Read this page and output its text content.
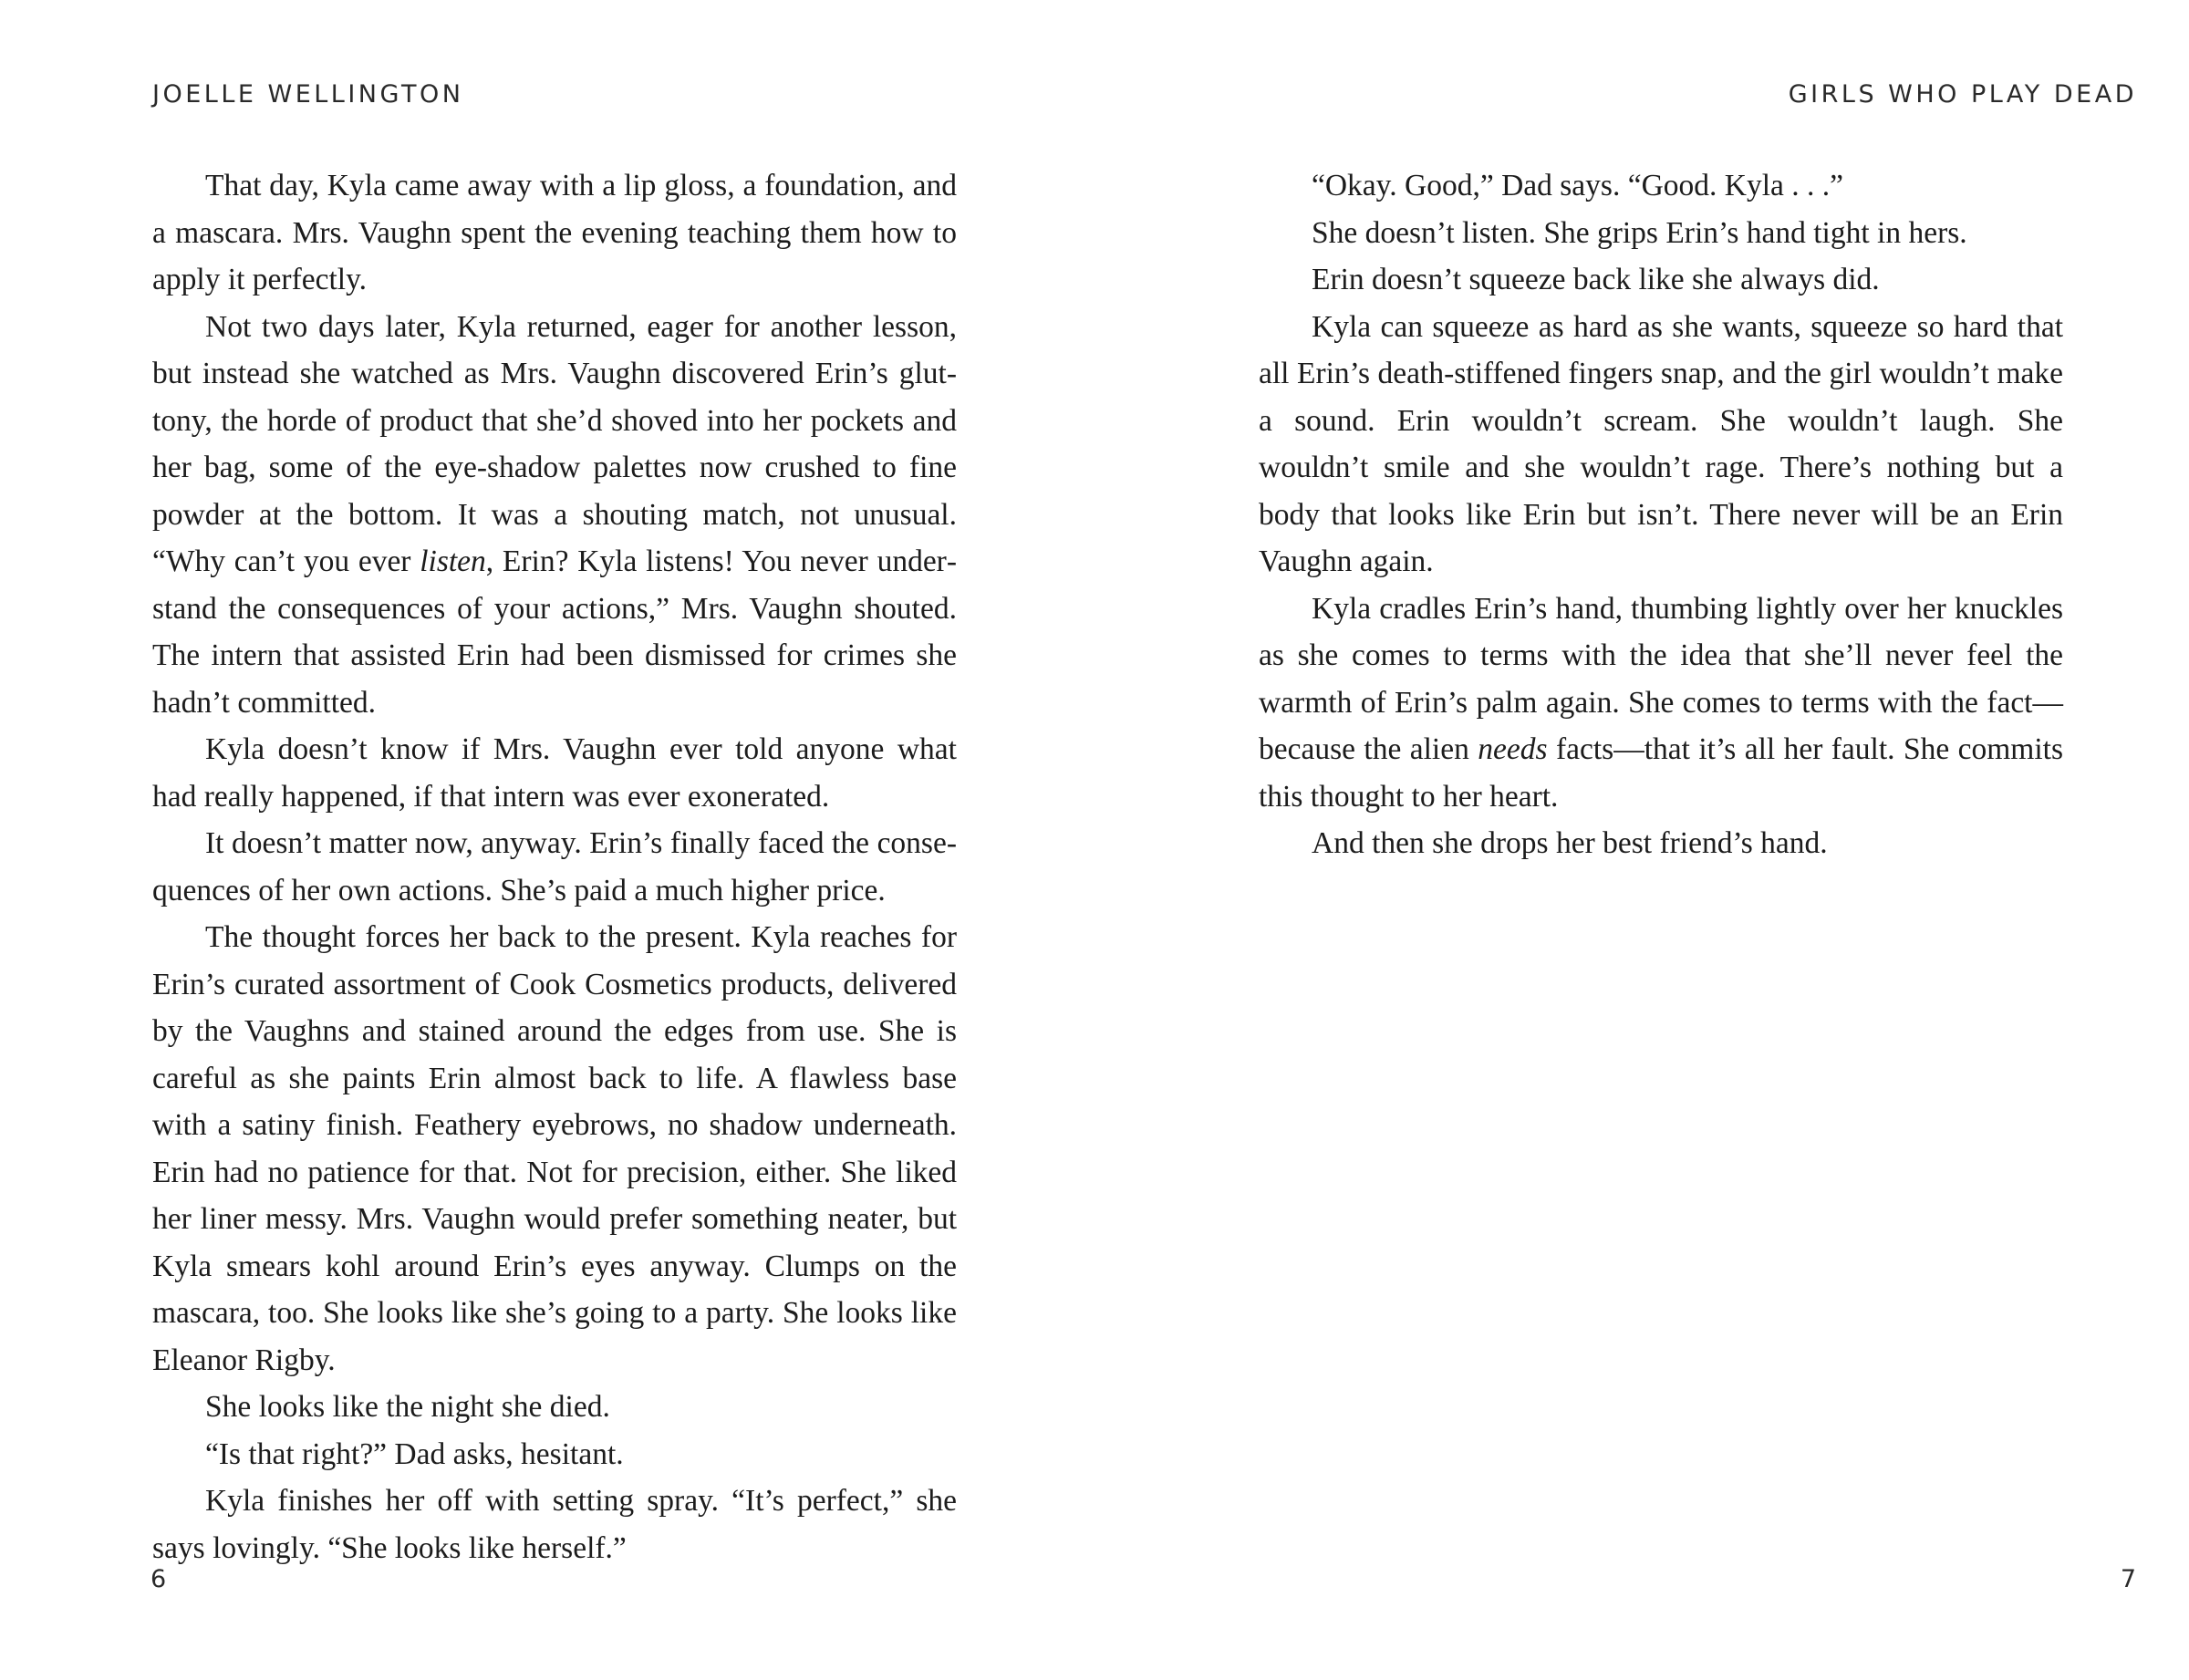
JOELLE WELLINGTON

That day, Kyla came away with a lip gloss, a foundation, and a mascara. Mrs. Vaughn spent the evening teaching them how to apply it perfectly.

Not two days later, Kyla returned, eager for another lesson, but instead she watched as Mrs. Vaughn discovered Erin’s gluttony, the horde of product that she’d shoved into her pockets and her bag, some of the eye-shadow palettes now crushed to fine powder at the bottom. It was a shouting match, not unusual. “Why can’t you ever listen, Erin? Kyla listens! You never understand the consequences of your actions,” Mrs. Vaughn shouted. The intern that assisted Erin had been dismissed for crimes she hadn’t committed.

Kyla doesn’t know if Mrs. Vaughn ever told anyone what had really happened, if that intern was ever exonerated.

It doesn’t matter now, anyway. Erin’s finally faced the consequences of her own actions. She’s paid a much higher price.

The thought forces her back to the present. Kyla reaches for Erin’s curated assortment of Cook Cosmetics products, delivered by the Vaughns and stained around the edges from use. She is careful as she paints Erin almost back to life. A flawless base with a satiny finish. Feathery eyebrows, no shadow underneath. Erin had no patience for that. Not for precision, either. She liked her liner messy. Mrs. Vaughn would prefer something neater, but Kyla smears kohl around Erin’s eyes anyway. Clumps on the mascara, too. She looks like she’s going to a party. She looks like Eleanor Rigby.

She looks like the night she died.

“Is that right?” Dad asks, hesitant.

Kyla finishes her off with setting spray. “It’s perfect,” she says lovingly. “She looks like herself.”

6
GIRLS WHO PLAY DEAD

“Okay. Good,” Dad says. “Good. Kyla . . .”

She doesn’t listen. She grips Erin’s hand tight in hers.

Erin doesn’t squeeze back like she always did.

Kyla can squeeze as hard as she wants, squeeze so hard that all Erin’s death-stiffened fingers snap, and the girl wouldn’t make a sound. Erin wouldn’t scream. She wouldn’t laugh. She wouldn’t smile and she wouldn’t rage. There’s nothing but a body that looks like Erin but isn’t. There never will be an Erin Vaughn again.

Kyla cradles Erin’s hand, thumbing lightly over her knuckles as she comes to terms with the idea that she’ll never feel the warmth of Erin’s palm again. She comes to terms with the fact—because the alien needs facts—that it’s all her fault. She commits this thought to her heart.

And then she drops her best friend’s hand.

7
